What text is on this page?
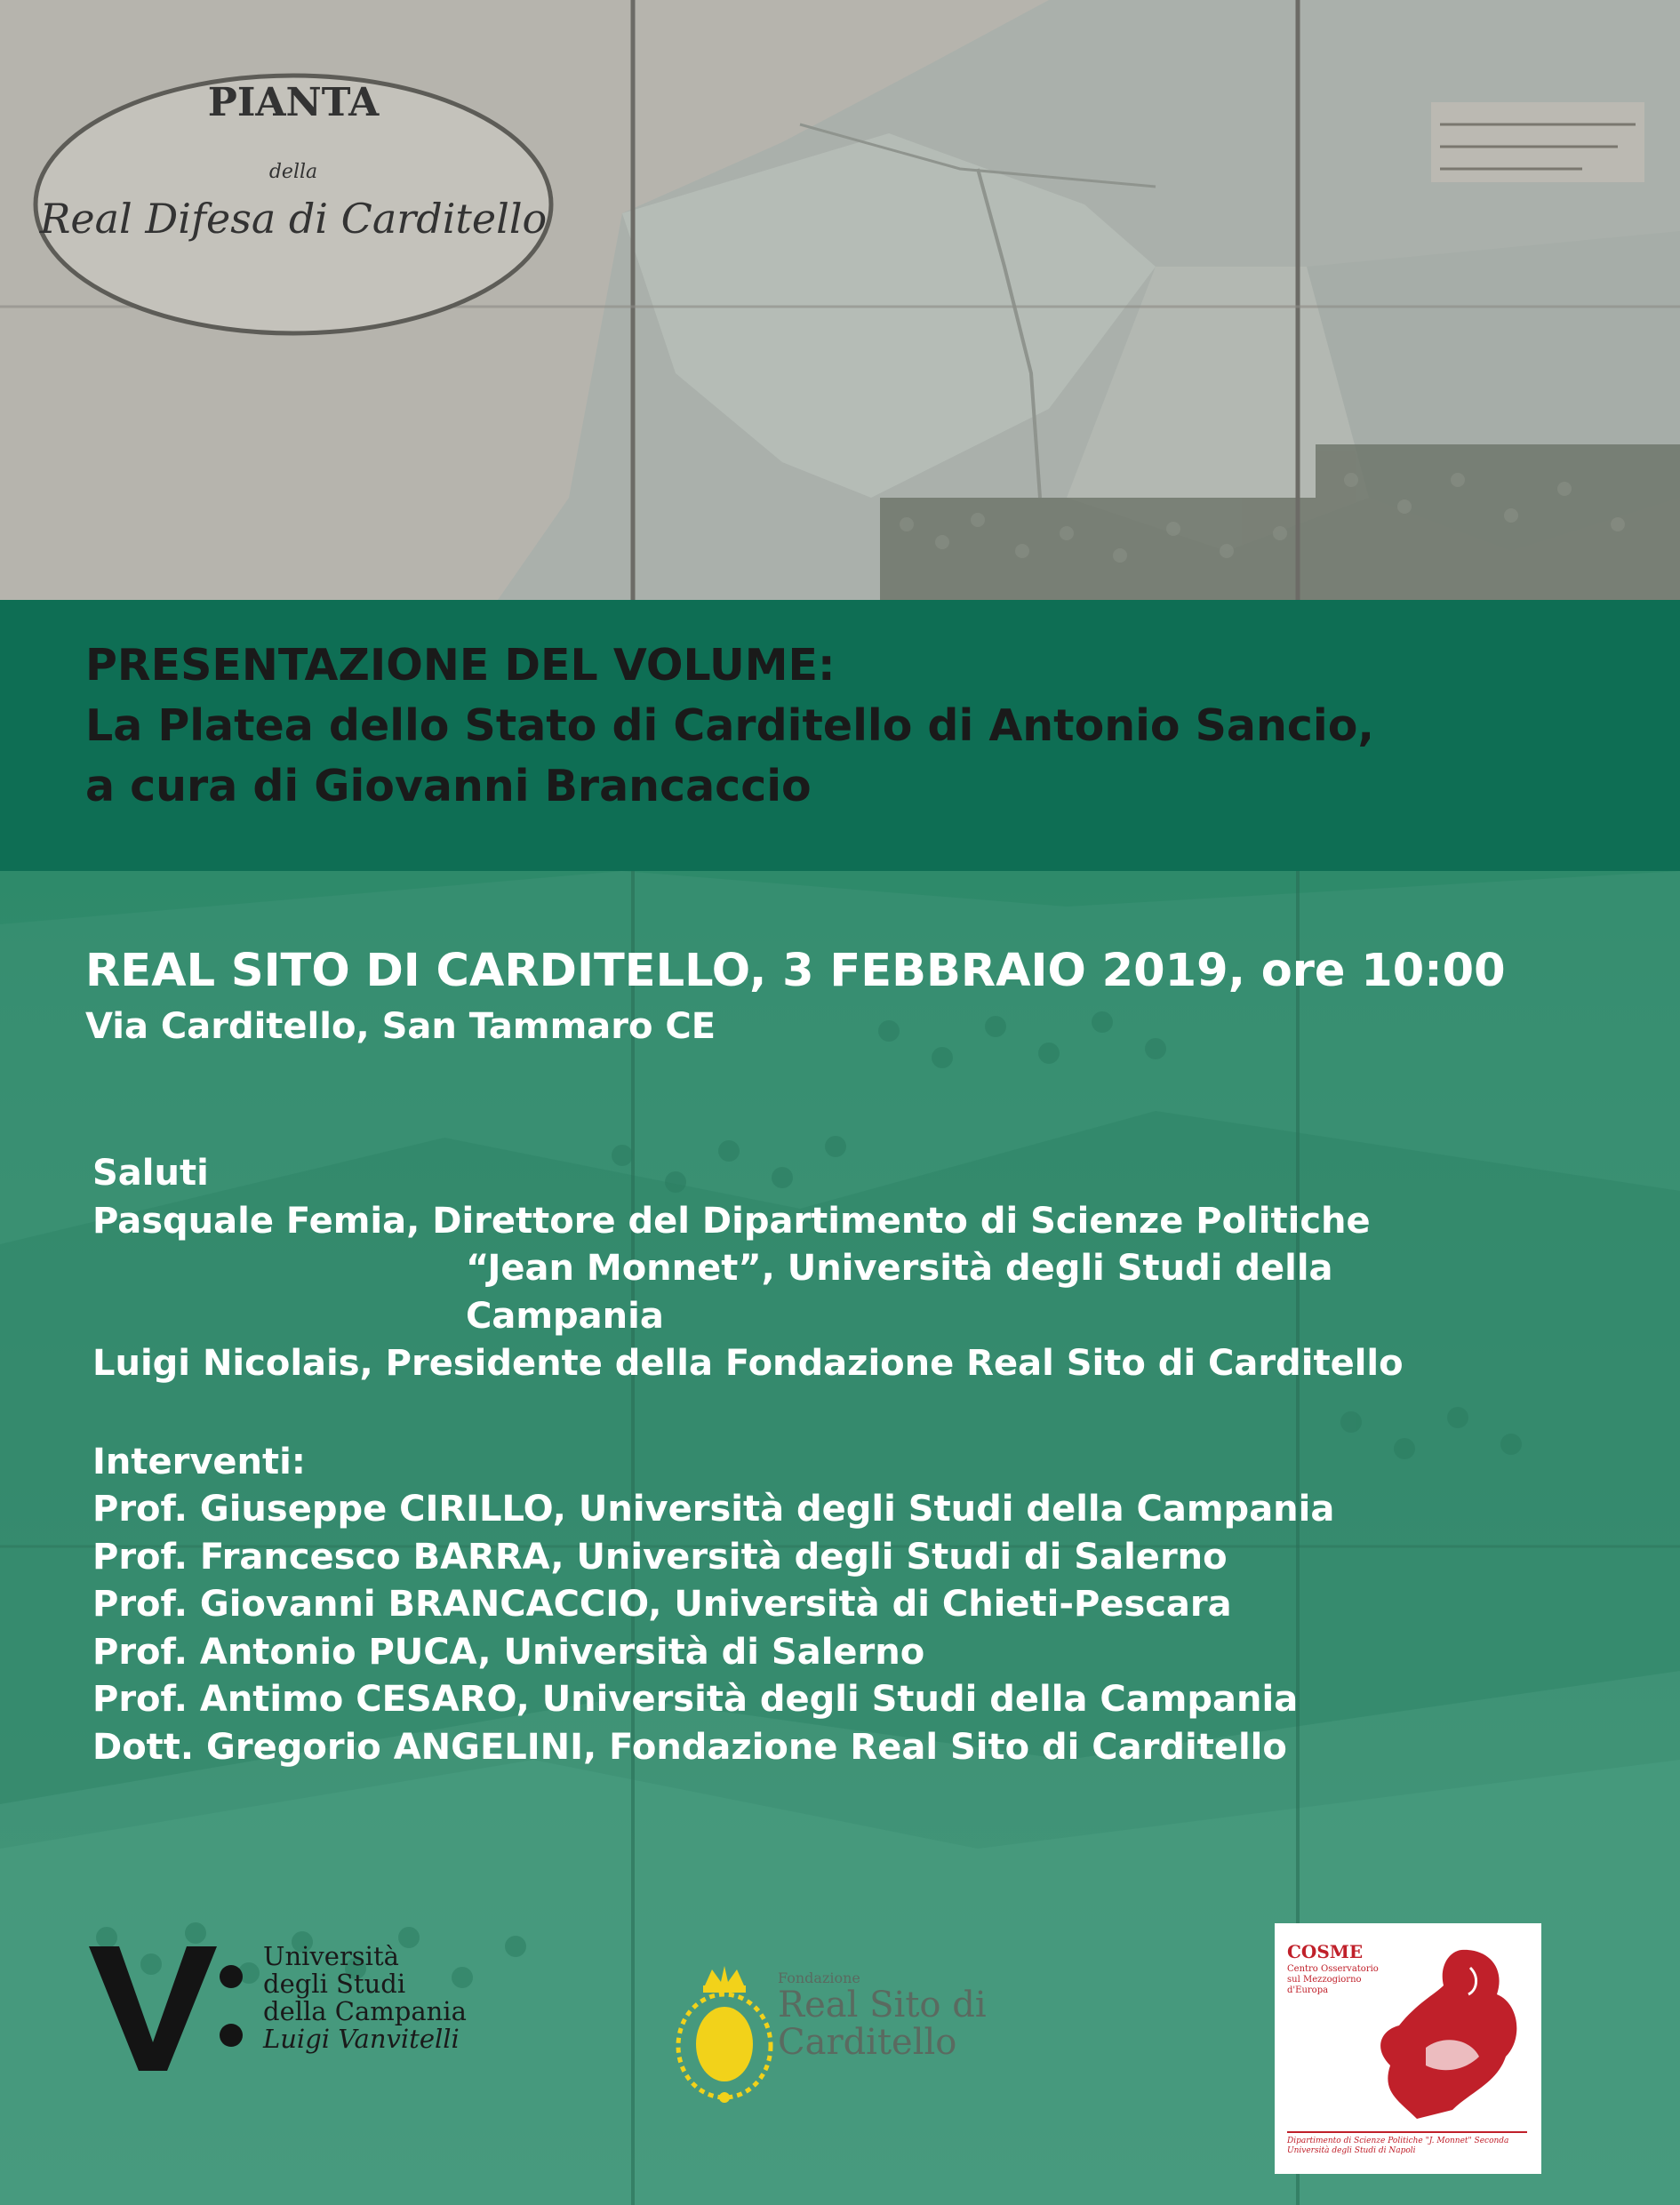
PIANTA
della
Real Difesa di Carditello
PRESENTAZIONE DEL VOLUME:
La Platea dello Stato di Carditello di Antonio Sancio,
a cura di Giovanni Brancaccio
REAL SITO DI CARDITELLO, 3 FEBBRAIO 2019, ore 10:00
Via Carditello, San Tammaro CE
Saluti
Pasquale Femia, Direttore del Dipartimento di Scienze Politiche
“Jean Monnet”, Università degli Studi della
Campania
Luigi Nicolais, Presidente della Fondazione Real Sito di Carditello
Interventi:
Prof. Giuseppe CIRILLO, Università degli Studi della Campania
Prof. Francesco BARRA, Università degli Studi di Salerno
Prof. Giovanni BRANCACCIO, Università di Chieti-Pescara
Prof. Antonio PUCA, Università di Salerno
Prof. Antimo CESARO, Università degli Studi della Campania
Dott. Gregorio ANGELINI, Fondazione Real Sito di Carditello
Università
degli Studi
della Campania
Luigi Vanvitelli
Fondazione
Real Sito di
Carditello
COSME
Centro Osservatorio sul Mezzogiorno d'Europa
Dipartimento di Scienze Politiche "J. Monnet" Seconda Università degli Studi di Napoli
